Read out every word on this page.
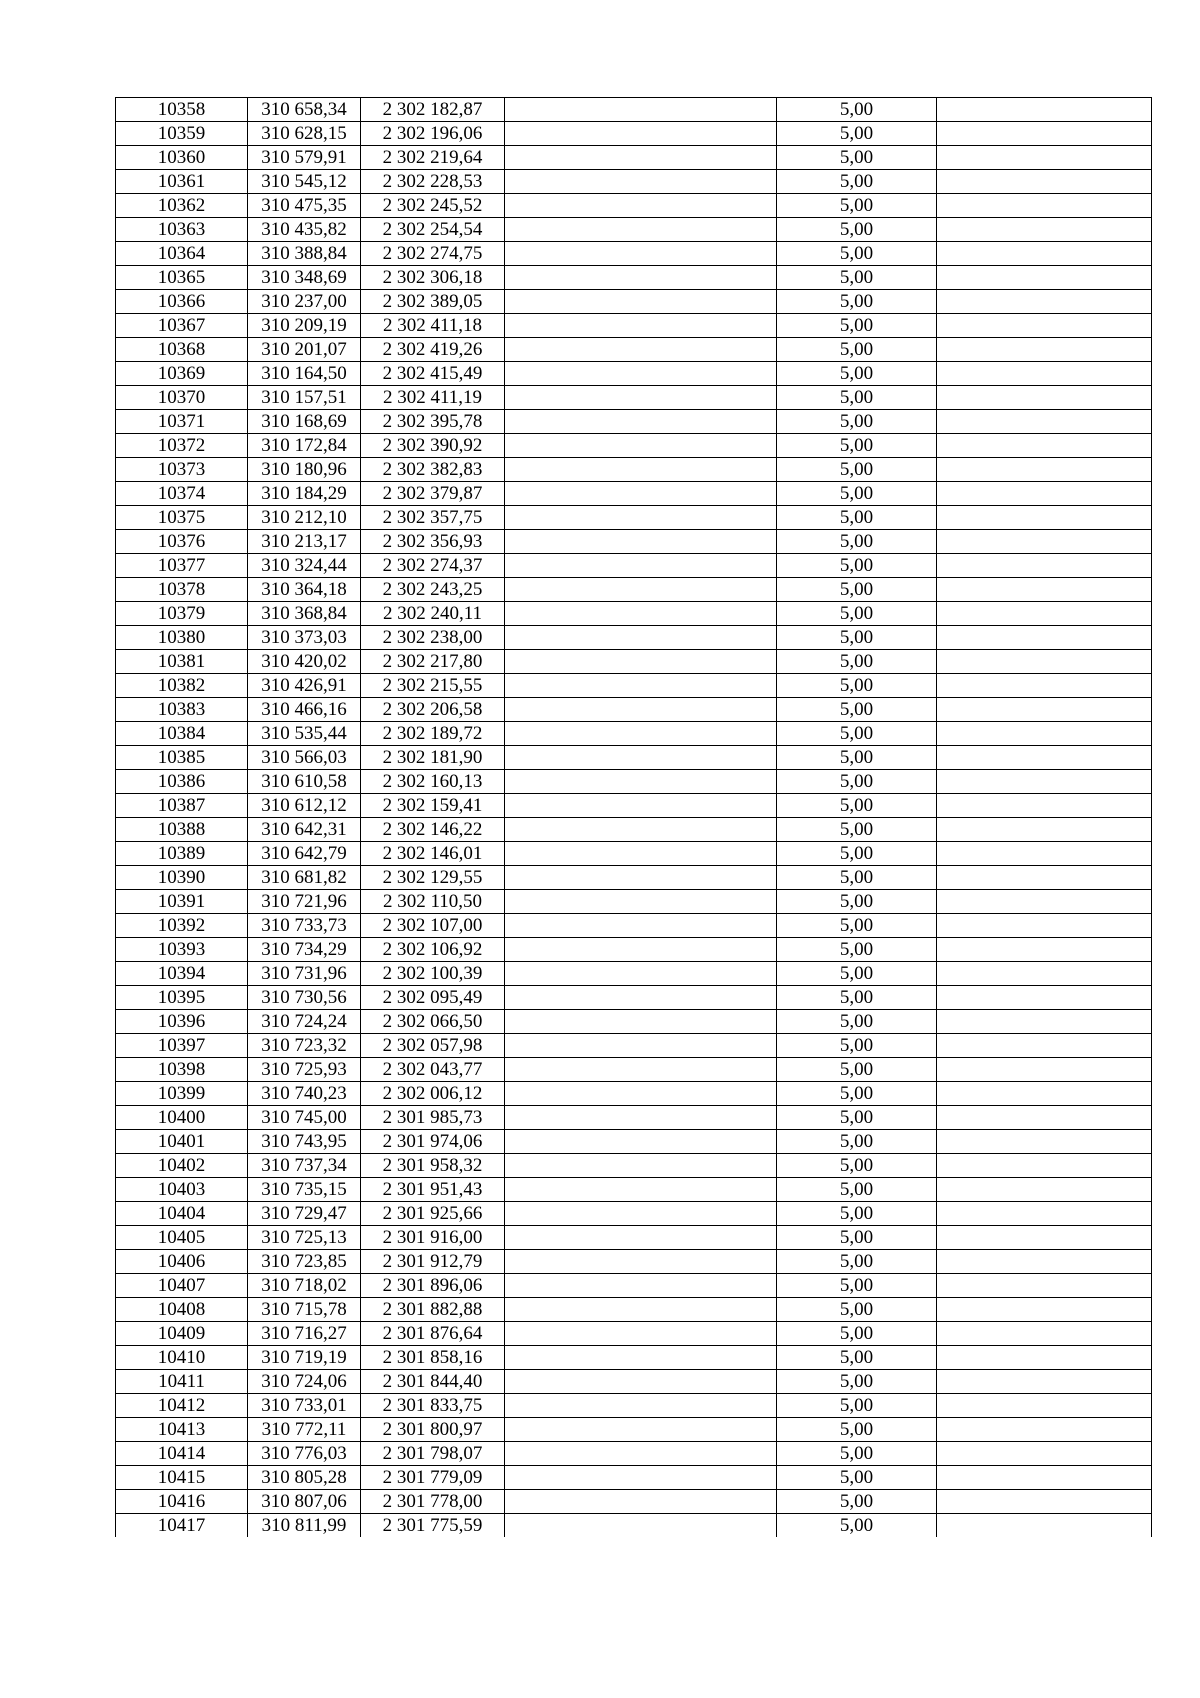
10358	310 658,34	2 302 182,87		5,00	
10359	310 628,15	2 302 196,06		5,00	
10360	310 579,91	2 302 219,64		5,00	
10361	310 545,12	2 302 228,53		5,00	
10362	310 475,35	2 302 245,52		5,00	
10363	310 435,82	2 302 254,54		5,00	
10364	310 388,84	2 302 274,75		5,00	
10365	310 348,69	2 302 306,18		5,00	
10366	310 237,00	2 302 389,05		5,00	
10367	310 209,19	2 302 411,18		5,00	
10368	310 201,07	2 302 419,26		5,00	
10369	310 164,50	2 302 415,49		5,00	
10370	310 157,51	2 302 411,19		5,00	
10371	310 168,69	2 302 395,78		5,00	
10372	310 172,84	2 302 390,92		5,00	
10373	310 180,96	2 302 382,83		5,00	
10374	310 184,29	2 302 379,87		5,00	
10375	310 212,10	2 302 357,75		5,00	
10376	310 213,17	2 302 356,93		5,00	
10377	310 324,44	2 302 274,37		5,00	
10378	310 364,18	2 302 243,25		5,00	
10379	310 368,84	2 302 240,11		5,00	
10380	310 373,03	2 302 238,00		5,00	
10381	310 420,02	2 302 217,80		5,00	
10382	310 426,91	2 302 215,55		5,00	
10383	310 466,16	2 302 206,58		5,00	
10384	310 535,44	2 302 189,72		5,00	
10385	310 566,03	2 302 181,90		5,00	
10386	310 610,58	2 302 160,13		5,00	
10387	310 612,12	2 302 159,41		5,00	
10388	310 642,31	2 302 146,22		5,00	
10389	310 642,79	2 302 146,01		5,00	
10390	310 681,82	2 302 129,55		5,00	
10391	310 721,96	2 302 110,50		5,00	
10392	310 733,73	2 302 107,00		5,00	
10393	310 734,29	2 302 106,92		5,00	
10394	310 731,96	2 302 100,39		5,00	
10395	310 730,56	2 302 095,49		5,00	
10396	310 724,24	2 302 066,50		5,00	
10397	310 723,32	2 302 057,98		5,00	
10398	310 725,93	2 302 043,77		5,00	
10399	310 740,23	2 302 006,12		5,00	
10400	310 745,00	2 301 985,73		5,00	
10401	310 743,95	2 301 974,06		5,00	
10402	310 737,34	2 301 958,32		5,00	
10403	310 735,15	2 301 951,43		5,00	
10404	310 729,47	2 301 925,66		5,00	
10405	310 725,13	2 301 916,00		5,00	
10406	310 723,85	2 301 912,79		5,00	
10407	310 718,02	2 301 896,06		5,00	
10408	310 715,78	2 301 882,88		5,00	
10409	310 716,27	2 301 876,64		5,00	
10410	310 719,19	2 301 858,16		5,00	
10411	310 724,06	2 301 844,40		5,00	
10412	310 733,01	2 301 833,75		5,00	
10413	310 772,11	2 301 800,97		5,00	
10414	310 776,03	2 301 798,07		5,00	
10415	310 805,28	2 301 779,09		5,00	
10416	310 807,06	2 301 778,00		5,00	
10417	310 811,99	2 301 775,59		5,00	
